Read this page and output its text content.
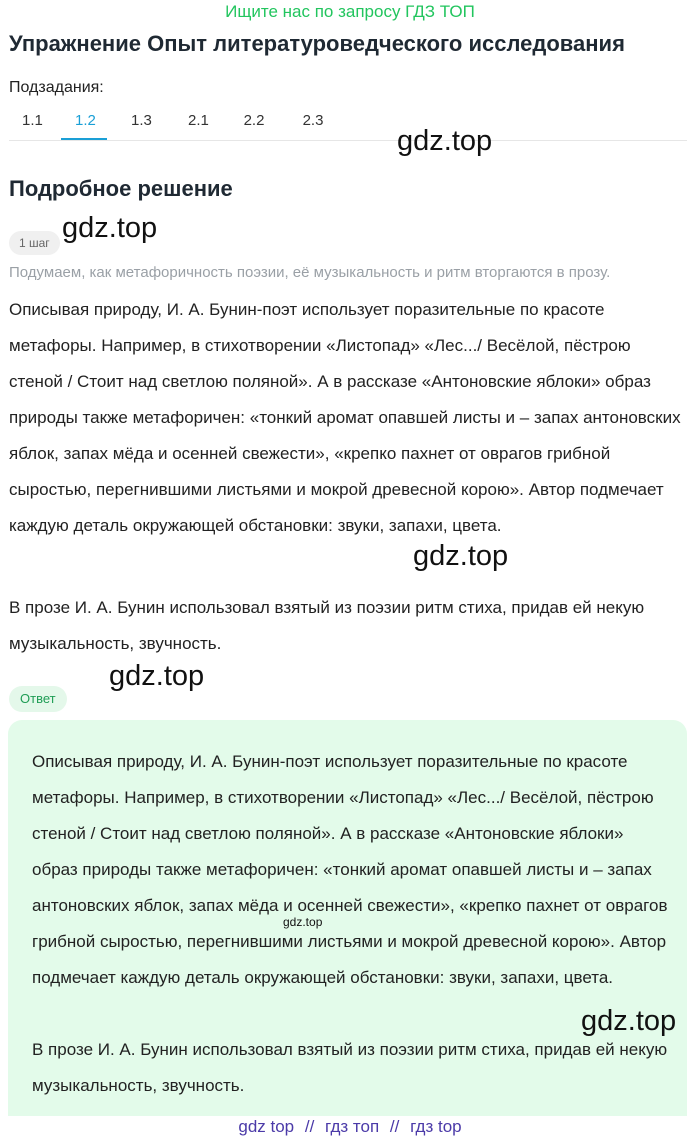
Ищите нас по запросу ГДЗ ТОП
Упражнение Опыт литературоведческого исследования
Подзадания:
1.1 1.2 1.3 2.1 2.2	2.3
gdz.top
Подробное решение
1 шаг gdz.top
Подумаем, как метафоричность поэзии, её музыкальность и ритм вторгаются в прозу.
Описывая природу, И. А. Бунин-поэт использует поразительные по красоте метафоры. Например, в стихотворении «Листопад» «Лес.../ Весёлой, пёстрою стеной / Стоит над светлою поляной». А в рассказе «Антоновские яблоки» образ природы также метафоричен: «тонкий аромат опавшей листы и – запах антоновских яблок, запах мёда и осенней свежести», «крепко пахнет от оврагов грибной сыростью, перегнившими листьями и мокрой древесной корою». Автор подмечает каждую деталь окружающей обстановки: звуки, запахи, цвета.
gdz.top
В прозе И. А. Бунин использовал взятый из поэзии ритм стиха, придав ей некую музыкальность, звучность.
gdz.top
Ответ
Описывая природу, И. А. Бунин-поэт использует поразительные по красоте метафоры. Например, в стихотворении «Листопад» «Лес.../ Весёлой, пёстрою стеной / Стоит над светлою поляной». А в рассказе «Антоновские яблоки» образ природы также метафоричен: «тонкий аромат опавшей листы и – запах антоновских яблок, запах мёда и осенней свежести», «крепко пахнет от оврагов грибной сыростью, перегнившими листьями и мокрой древесной корою». Автор подмечает каждую деталь окружающей обстановки: звуки, запахи, цвета.
gdz.top
gdz.top
В прозе И. А. Бунин использовал взятый из поэзии ритм стиха, придав ей некую музыкальность, звучность.
gdz top // гдз топ // гдз top
